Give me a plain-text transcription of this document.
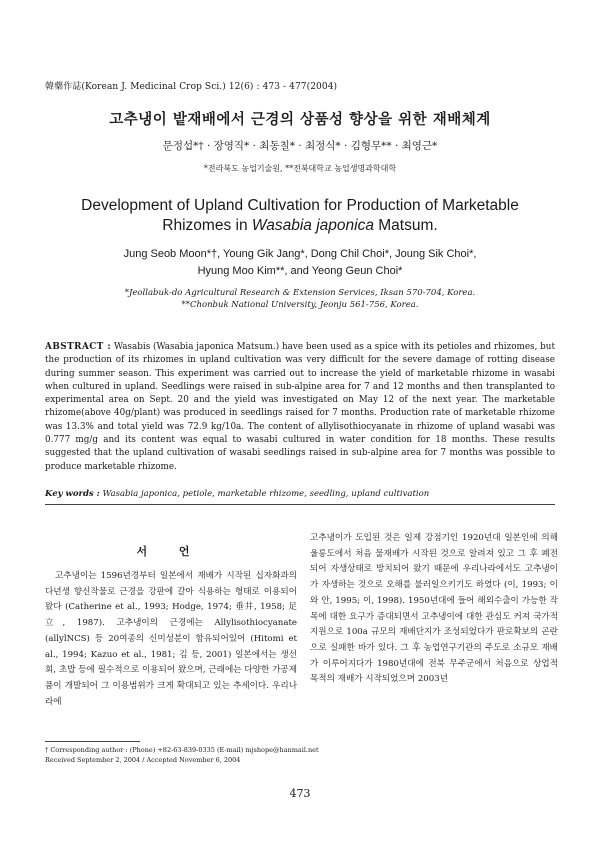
韓藥作誌(Korean J. Medicinal Crop Sci.) 12(6) : 473 - 477(2004)
고추냉이 밭재배에서 근경의 상품성 향상을 위한 재배체계
문정섭*† · 장영직* · 최동칠* · 최정식* · 김형무** · 최영근*
*전라북도 농업기술원, **전북대학교 농업생명과학대학
Development of Upland Cultivation for Production of Marketable
Rhizomes in Wasabia japonica Matsum.
Jung Seob Moon*†, Young Gik Jang*, Dong Chil Choi*, Joung Sik Choi*,
Hyung Moo Kim**, and Yeong Geun Choi*
*Jeollabuk-do Agricultural Research & Extension Services, Iksan 570-704, Korea.
**Chonbuk National University, Jeonju 561-756, Korea.
ABSTRACT : Wasabis (Wasabia japonica Matsum.) have been used as a spice with its petioles and rhizomes, but the production of its rhizomes in upland cultivation was very difficult for the severe damage of rotting disease during summer season. This experiment was carried out to increase the yield of marketable rhizome in wasabi when cultured in upland. Seedlings were raised in sub-alpine area for 7 and 12 months and then transplanted to experimental area on Sept. 20 and the yield was investigated on May 12 of the next year. The marketable rhizome(above 40g/plant) was produced in seedlings raised for 7 months. Production rate of marketable rhizome was 13.3% and total yield was 72.9 kg/10a. The content of allylisothiocyanate in rhizome of upland wasabi was 0.777 mg/g and its content was equal to wasabi cultured in water condition for 18 months. These results suggested that the upland cultivation of wasabi seedlings raised in sub-alpine area for 7 months was possible to produce marketable rhizome.
Key words : Wasabia japonica, petiole, marketable rhizome, seedling, upland cultivation
서 언

고추냉이는 1596년경부터 일본에서 재배가 시작된 십자화과의 다년생 향신작물로 근경을 강판에 갈아 식용하는 형태로 이용되어 왔다 (Catherine et al., 1993; Hodge, 1974; 垂井, 1958; 足立, 1987). 고추냉이의 근경에는 Allylisothiocyanate (allylNCS) 등 20여종의 신미성분이 함유되어있어 (Hitomi et al., 1994; Kazuo et al., 1981; 김 등, 2001) 일본에서는 생선회, 초밥 등에 필수적으로 이용되어 왔으며, 근래에는 다양한 가공제품이 개발되어 그 이용범위가 크게 확대되고 있는 추세이다. 우리나라에

고추냉이가 도입된 것은 일제 강점기인 1920년대 일본인에 의해 울릉도에서 처음 물재배가 시작된 것으로 알려져 있고 그 후 폐전되어 자생상태로 방치되어 왔기 때문에 우리나라에서도 고추냉이가 자생하는 것으로 오해를 불러일으키기도 하였다 (이, 1993; 이와 안, 1995; 이, 1998). 1950년대에 들어 해외수출이 가능한 작목에 대한 요구가 증대되면서 고추냉이에 대한 관심도 커져 국가적 지원으로 100a 규모의 재배단지가 조성되었다가 판로확보의 곤란으로 실패한 바가 있다. 그 후 농업연구기관의 주도로 소규모 재배가 이루어지다가 1980년대에 전북 무주군에서 처음으로 상업적 목적의 재배가 시작되었으며 2003년

† Corresponding author : (Phone) +82-63-839-0335 (E-mail) mjshope@hanmail.net
Received September 2, 2004 / Accepted November 6, 2004
473
